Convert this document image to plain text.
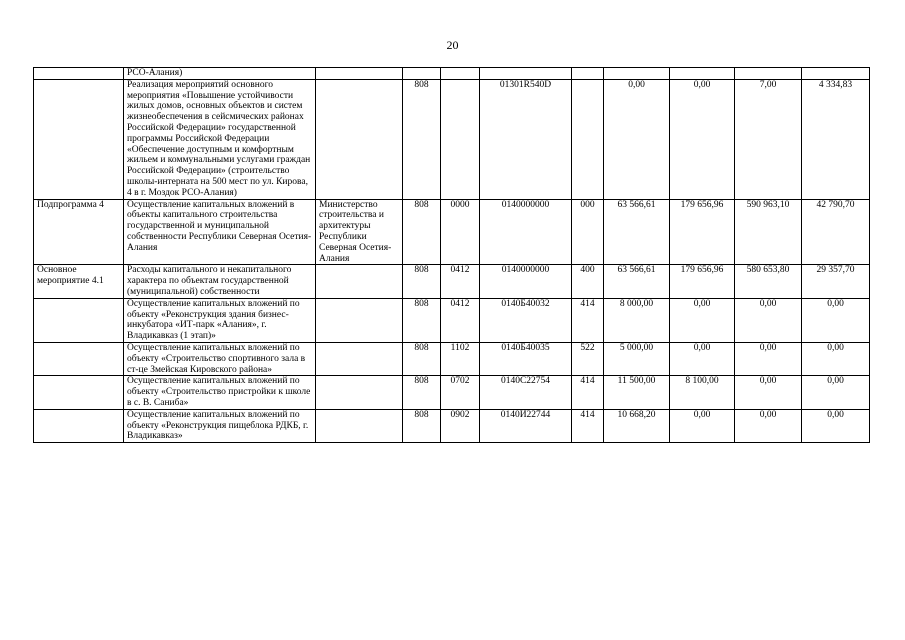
20
	РСО-Алания)									
	Реализация мероприятий основного мероприятия «Повышение устойчивости жилых домов, основных объектов и систем жизнеобеспечения в сейсмических районах Российской Федерации» государственной программы Российской Федерации «Обеспечение доступным и комфортным жильем и коммунальными услугами граждан Российской Федерации» (строительство школы-интерната на 500 мест по ул. Кирова, 4 в г. Моздок РСО-Алания)		808		01301R540D		0,00	0,00	7,00	4 334,83
Подпрограмма 4	Осуществление капитальных вложений в объекты капитального строительства государственной и муниципальной собственности Республики Северная Осетия-Алания	Министерство строительства и архитектуры Республики Северная Осетия-Алания	808	0000	0140000000	000	63 566,61	179 656,96	590 963,10	42 790,70
Основное мероприятие 4.1	Расходы капитального и некапитального характера по объектам государственной (муниципальной) собственности		808	0412	0140000000	400	63 566,61	179 656,96	580 653,80	29 357,70
	Осуществление капитальных вложений по объекту «Реконструкция здания бизнес-инкубатора «ИТ-парк «Алания», г. Владикавказ (1 этап)»		808	0412	0140Б40032	414	8 000,00	0,00	0,00	0,00
	Осуществление капитальных вложений по объекту «Строительство спортивного зала в ст-це Змейская Кировского района»		808	1102	0140Б40035	522	5 000,00	0,00	0,00	0,00
	Осуществление капитальных вложений по объекту «Строительство пристройки к школе в с. В. Саниба»		808	0702	0140С22754	414	11 500,00	8 100,00	0,00	0,00
	Осуществление капитальных вложений по объекту «Реконструкция пищеблока РДКБ, г. Владикавказ»		808	0902	0140И22744	414	10 668,20	0,00	0,00	0,00
